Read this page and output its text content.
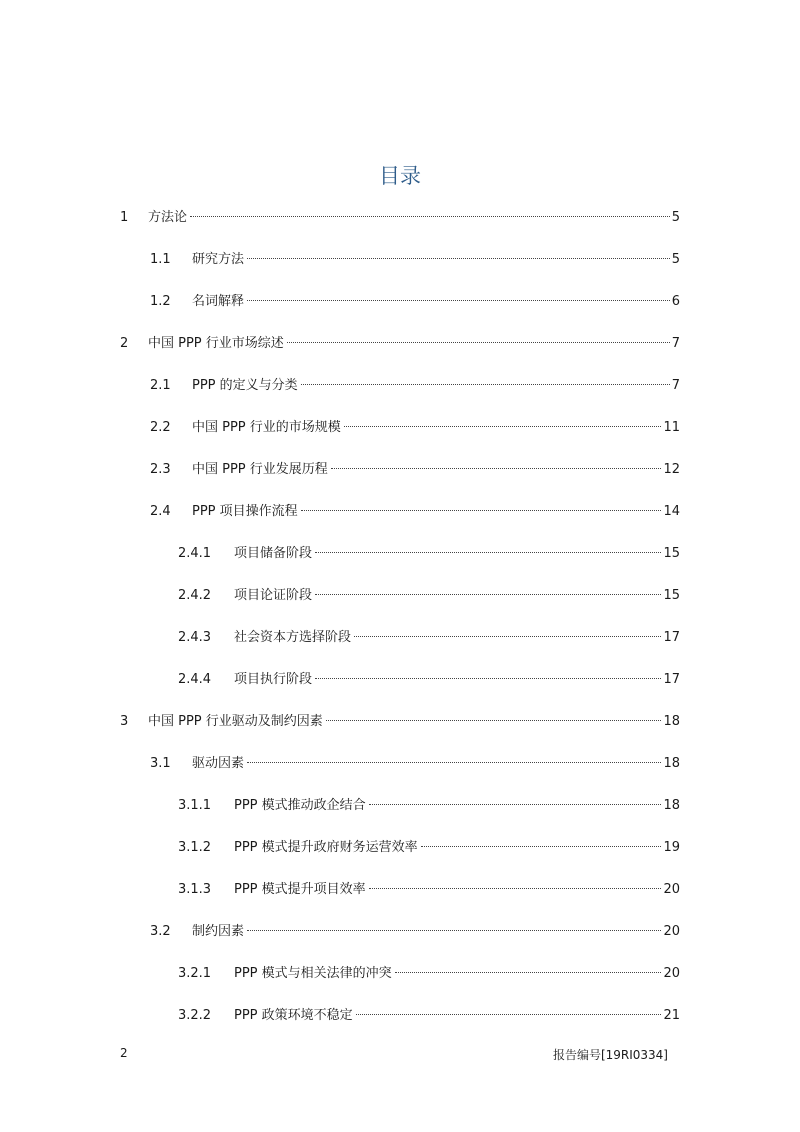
目录
1	方法论	5
1.1	研究方法	5
1.2	名词解释	6
2	中国 PPP 行业市场综述	7
2.1	PPP 的定义与分类	7
2.2	中国 PPP 行业的市场规模	11
2.3	中国 PPP 行业发展历程	12
2.4	PPP 项目操作流程	14
2.4.1	项目储备阶段	15
2.4.2	项目论证阶段	15
2.4.3	社会资本方选择阶段	17
2.4.4	项目执行阶段	17
3	中国 PPP 行业驱动及制约因素	18
3.1	驱动因素	18
3.1.1	PPP 模式推动政企结合	18
3.1.2	PPP 模式提升政府财务运营效率	19
3.1.3	PPP 模式提升项目效率	20
3.2	制约因素	20
3.2.1	PPP 模式与相关法律的冲突	20
3.2.2	PPP 政策环境不稳定	21
2	报告编号[19RI0334]
